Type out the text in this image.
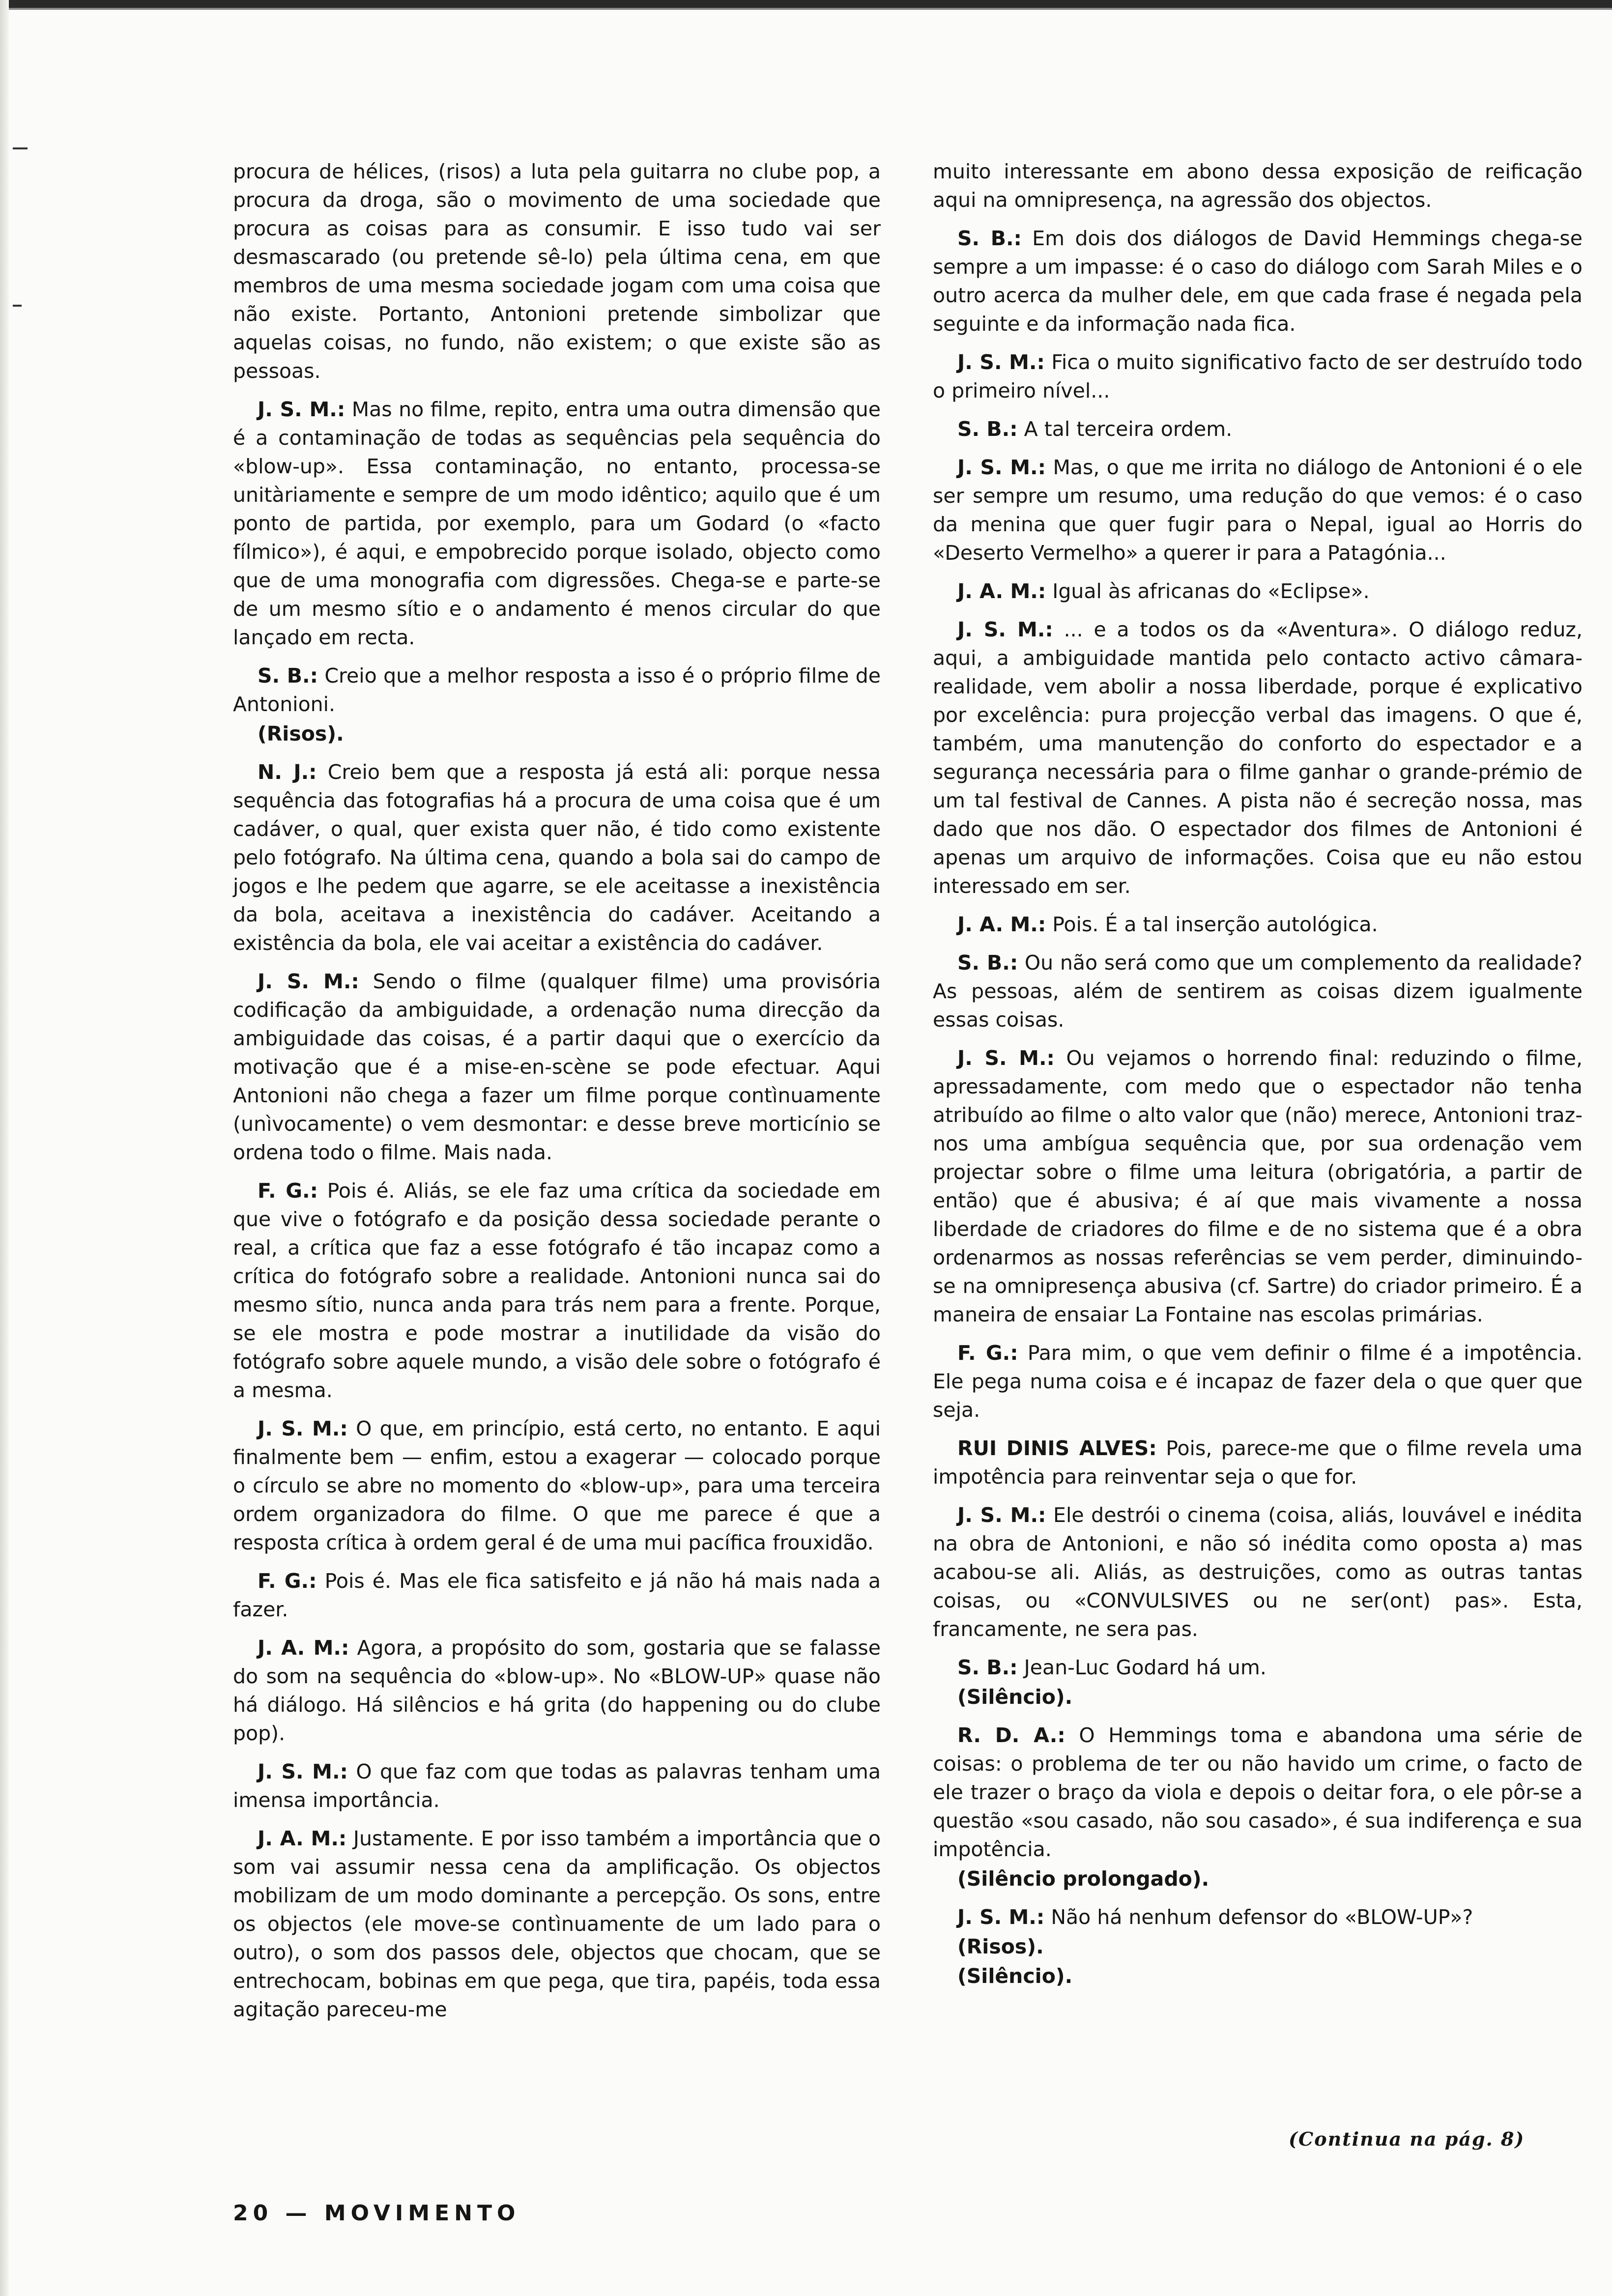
procura de hélices, (risos) a luta pela guitarra no clube pop, a procura da droga, são o movimento de uma sociedade que procura as coisas para as consumir. E isso tudo vai ser desmascarado (ou pretende sê-lo) pela última cena, em que membros de uma mesma sociedade jogam com uma coisa que não existe. Portanto, Antonioni pretende simbolizar que aquelas coisas, no fundo, não existem; o que existe são as pessoas.

J. S. M.: Mas no filme, repito, entra uma outra dimensão que é a contaminação de todas as sequências pela sequência do «blow-up». Essa contaminação, no entanto, processa-se unitàriamente e sempre de um modo idêntico; aquilo que é um ponto de partida, por exemplo, para um Godard (o «facto fílmico»), é aqui, e empobrecido porque isolado, objecto como que de uma monografia com digressões. Chega-se e parte-se de um mesmo sítio e o andamento é menos circular do que lançado em recta.

S. B.: Creio que a melhor resposta a isso é o próprio filme de Antonioni.

(Risos).

N. J.: Creio bem que a resposta já está ali: porque nessa sequência das fotografias há a procura de uma coisa que é um cadáver, o qual, quer exista quer não, é tido como existente pelo fotógrafo. Na última cena, quando a bola sai do campo de jogos e lhe pedem que agarre, se ele aceitasse a inexistência da bola, aceitava a inexistência do cadáver. Aceitando a existência da bola, ele vai aceitar a existência do cadáver.

J. S. M.: Sendo o filme (qualquer filme) uma provisória codificação da ambiguidade, a ordenação numa direcção da ambiguidade das coisas, é a partir daqui que o exercício da motivação que é a mise-en-scène se pode efectuar. Aqui Antonioni não chega a fazer um filme porque contìnuamente (unìvocamente) o vem desmontar: e desse breve morticínio se ordena todo o filme. Mais nada.

F. G.: Pois é. Aliás, se ele faz uma crítica da sociedade em que vive o fotógrafo e da posição dessa sociedade perante o real, a crítica que faz a esse fotógrafo é tão incapaz como a crítica do fotógrafo sobre a realidade. Antonioni nunca sai do mesmo sítio, nunca anda para trás nem para a frente. Porque, se ele mostra e pode mostrar a inutilidade da visão do fotógrafo sobre aquele mundo, a visão dele sobre o fotógrafo é a mesma.

J. S. M.: O que, em princípio, está certo, no entanto. E aqui finalmente bem — enfim, estou a exagerar — colocado porque o círculo se abre no momento do «blow-up», para uma terceira ordem organizadora do filme. O que me parece é que a resposta crítica à ordem geral é de uma mui pacífica frouxidão.

F. G.: Pois é. Mas ele fica satisfeito e já não há mais nada a fazer.

J. A. M.: Agora, a propósito do som, gostaria que se falasse do som na sequência do «blow-up». No «BLOW-UP» quase não há diálogo. Há silêncios e há grita (do happening ou do clube pop).

J. S. M.: O que faz com que todas as palavras tenham uma imensa importância.

J. A. M.: Justamente. E por isso também a importância que o som vai assumir nessa cena da amplificação. Os objectos mobilizam de um modo dominante a percepção. Os sons, entre os objectos (ele move-se contìnuamente de um lado para o outro), o som dos passos dele, objectos que chocam, que se entrechocam, bobinas em que pega, que tira, papéis, toda essa agitação pareceu-me

muito interessante em abono dessa exposição de reificação aqui na omnipresença, na agressão dos objectos.

S. B.: Em dois dos diálogos de David Hemmings chega-se sempre a um impasse: é o caso do diálogo com Sarah Miles e o outro acerca da mulher dele, em que cada frase é negada pela seguinte e da informação nada fica.

J. S. M.: Fica o muito significativo facto de ser destruído todo o primeiro nível...

S. B.: A tal terceira ordem.

J. S. M.: Mas, o que me irrita no diálogo de Antonioni é o ele ser sempre um resumo, uma redução do que vemos: é o caso da menina que quer fugir para o Nepal, igual ao Horris do «Deserto Vermelho» a querer ir para a Patagónia...

J. A. M.: Igual às africanas do «Eclipse».

J. S. M.: ... e a todos os da «Aventura». O diálogo reduz, aqui, a ambiguidade mantida pelo contacto activo câmara-realidade, vem abolir a nossa liberdade, porque é explicativo por excelência: pura projecção verbal das imagens. O que é, também, uma manutenção do conforto do espectador e a segurança necessária para o filme ganhar o grande-prémio de um tal festival de Cannes. A pista não é secreção nossa, mas dado que nos dão. O espectador dos filmes de Antonioni é apenas um arquivo de informações. Coisa que eu não estou interessado em ser.

J. A. M.: Pois. É a tal inserção autológica.

S. B.: Ou não será como que um complemento da realidade? As pessoas, além de sentirem as coisas dizem igualmente essas coisas.

J. S. M.: Ou vejamos o horrendo final: reduzindo o filme, apressadamente, com medo que o espectador não tenha atribuído ao filme o alto valor que (não) merece, Antonioni traz-nos uma ambígua sequência que, por sua ordenação vem projectar sobre o filme uma leitura (obrigatória, a partir de então) que é abusiva; é aí que mais vivamente a nossa liberdade de criadores do filme e de no sistema que é a obra ordenarmos as nossas referências se vem perder, diminuindo-se na omnipresença abusiva (cf. Sartre) do criador primeiro. É a maneira de ensaiar La Fontaine nas escolas primárias.

F. G.: Para mim, o que vem definir o filme é a impotência. Ele pega numa coisa e é incapaz de fazer dela o que quer que seja.

RUI DINIS ALVES: Pois, parece-me que o filme revela uma impotência para reinventar seja o que for.

J. S. M.: Ele destrói o cinema (coisa, aliás, louvável e inédita na obra de Antonioni, e não só inédita como oposta a) mas acabou-se ali. Aliás, as destruições, como as outras tantas coisas, ou «CONVULSIVES ou ne ser(ont) pas». Esta, francamente, ne sera pas.

S. B.: Jean-Luc Godard há um.

(Silêncio).

R. D. A.: O Hemmings toma e abandona uma série de coisas: o problema de ter ou não havido um crime, o facto de ele trazer o braço da viola e depois o deitar fora, o ele pôr-se a questão «sou casado, não sou casado», é sua indiferença e sua impotência.

(Silêncio prolongado).

J. S. M.: Não há nenhum defensor do «BLOW-UP»?

(Risos).

(Silêncio).

(Continua na pág. 8)
20 — MOVIMENTO
